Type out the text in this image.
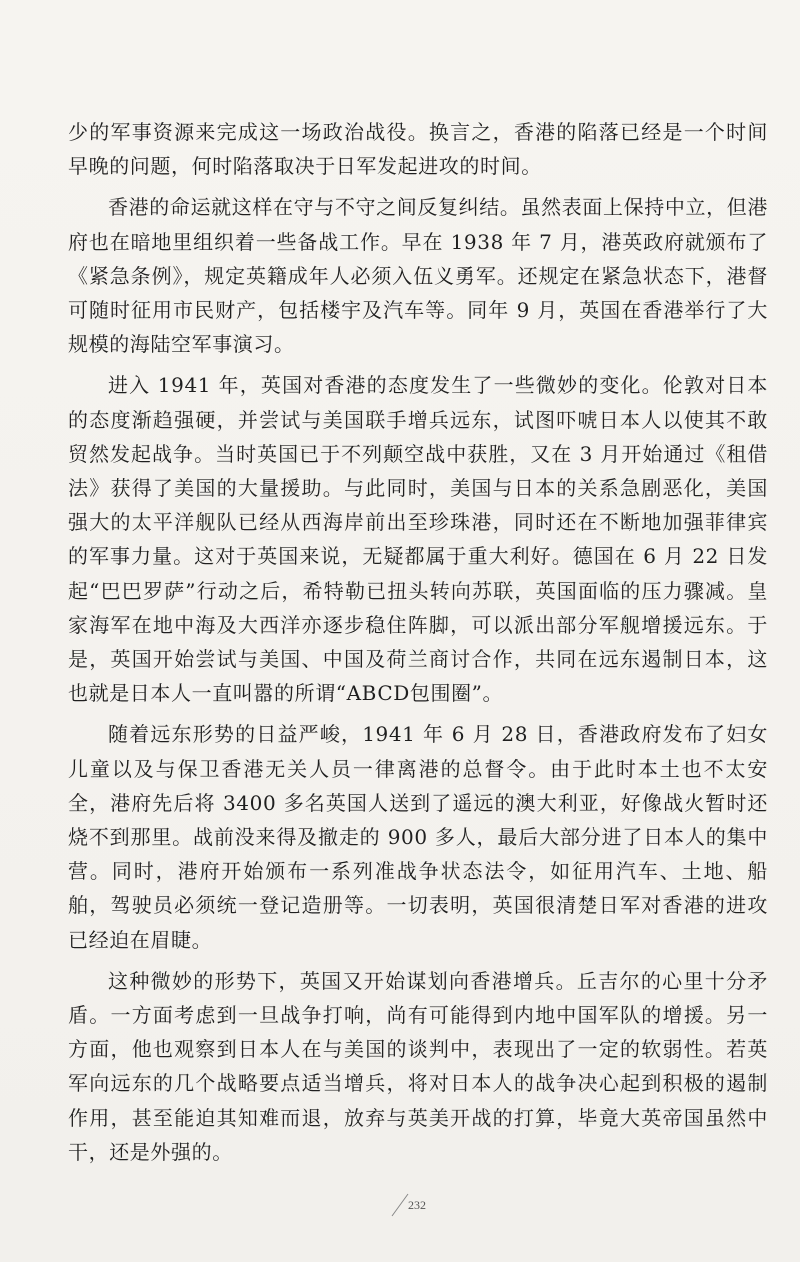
少的军事资源来完成这一场政治战役。换言之，香港的陷落已经是一个时间早晚的问题，何时陷落取决于日军发起进攻的时间。

香港的命运就这样在守与不守之间反复纠结。虽然表面上保持中立，但港府也在暗地里组织着一些备战工作。早在 1938 年 7 月，港英政府就颁布了《紧急条例》，规定英籍成年人必须入伍义勇军。还规定在紧急状态下，港督可随时征用市民财产，包括楼宇及汽车等。同年 9 月，英国在香港举行了大规模的海陆空军事演习。

进入 1941 年，英国对香港的态度发生了一些微妙的变化。伦敦对日本的态度渐趋强硬，并尝试与美国联手增兵远东，试图吓唬日本人以使其不敢贸然发起战争。当时英国已于不列颠空战中获胜，又在 3 月开始通过《租借法》获得了美国的大量援助。与此同时，美国与日本的关系急剧恶化，美国强大的太平洋舰队已经从西海岸前出至珍珠港，同时还在不断地加强菲律宾的军事力量。这对于英国来说，无疑都属于重大利好。德国在 6 月 22 日发起“巴巴罗萨”行动之后，希特勒已扭头转向苏联，英国面临的压力骤减。皇家海军在地中海及大西洋亦逐步稳住阵脚，可以派出部分军舰增援远东。于是，英国开始尝试与美国、中国及荷兰商讨合作，共同在远东遏制日本，这也就是日本人一直叫嚣的所谓“ABCD包围圈”。

随着远东形势的日益严峻，1941 年 6 月 28 日，香港政府发布了妇女儿童以及与保卫香港无关人员一律离港的总督令。由于此时本土也不太安全，港府先后将 3400 多名英国人送到了遥远的澳大利亚，好像战火暂时还烧不到那里。战前没来得及撤走的 900 多人，最后大部分进了日本人的集中营。同时，港府开始颁布一系列准战争状态法令，如征用汽车、土地、船舶，驾驶员必须统一登记造册等。一切表明，英国很清楚日军对香港的进攻已经迫在眉睫。

这种微妙的形势下，英国又开始谋划向香港增兵。丘吉尔的心里十分矛盾。一方面考虑到一旦战争打响，尚有可能得到内地中国军队的增援。另一方面，他也观察到日本人在与美国的谈判中，表现出了一定的软弱性。若英军向远东的几个战略要点适当增兵，将对日本人的战争决心起到积极的遏制作用，甚至能迫其知难而退，放弃与英美开战的打算，毕竟大英帝国虽然中干，还是外强的。

232
